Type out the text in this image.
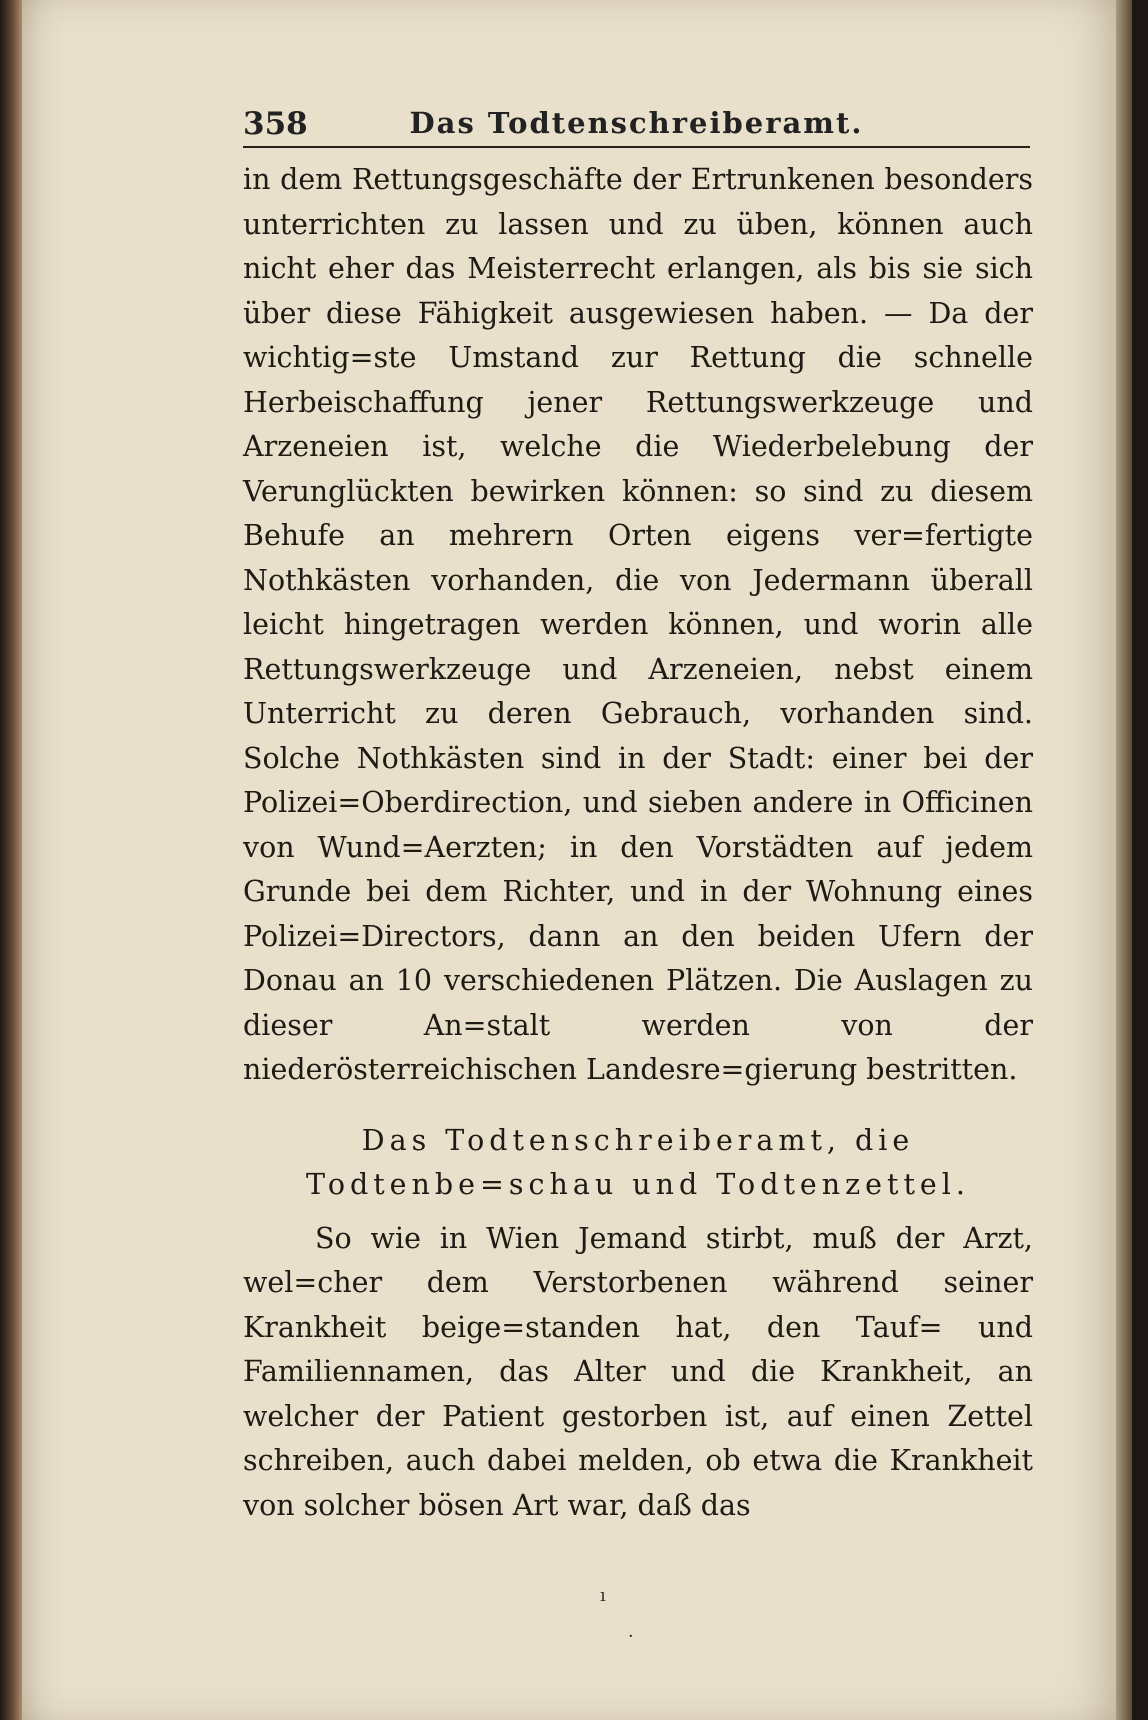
358	Das Todtenschreiberamt.

in dem Rettungsgeschäfte der Ertrunkenen besonders unterrichten zu lassen und zu üben, können auch nicht eher das Meisterrecht erlangen, als bis sie sich über diese Fähigkeit ausgewiesen haben. — Da der wichtig=ste Umstand zur Rettung die schnelle Herbeischaffung jener Rettungswerkzeuge und Arzeneien ist, welche die Wiederbelebung der Verunglückten bewirken können: so sind zu diesem Behufe an mehrern Orten eigens ver=fertigte Nothkästen vorhanden, die von Jedermann überall leicht hingetragen werden können, und worin alle Rettungswerkzeuge und Arzeneien, nebst einem Unterricht zu deren Gebrauch, vorhanden sind. Solche Nothkästen sind in der Stadt: einer bei der Polizei=Oberdirection, und sieben andere in Officinen von Wund=Aerzten; in den Vorstädten auf jedem Grunde bei dem Richter, und in der Wohnung eines Polizei=Directors, dann an den beiden Ufern der Donau an 10 verschiedenen Plätzen. Die Auslagen zu dieser An=stalt werden von der niederösterreichischen Landesre=gierung bestritten.

Das Todtenschreiberamt, die Todtenbe=schau und Todtenzettel.

So wie in Wien Jemand stirbt, muß der Arzt, wel=cher dem Verstorbenen während seiner Krankheit beige=standen hat, den Tauf= und Familiennamen, das Alter und die Krankheit, an welcher der Patient gestorben ist, auf einen Zettel schreiben, auch dabei melden, ob etwa die Krankheit von solcher bösen Art war, daß das

ı
·
